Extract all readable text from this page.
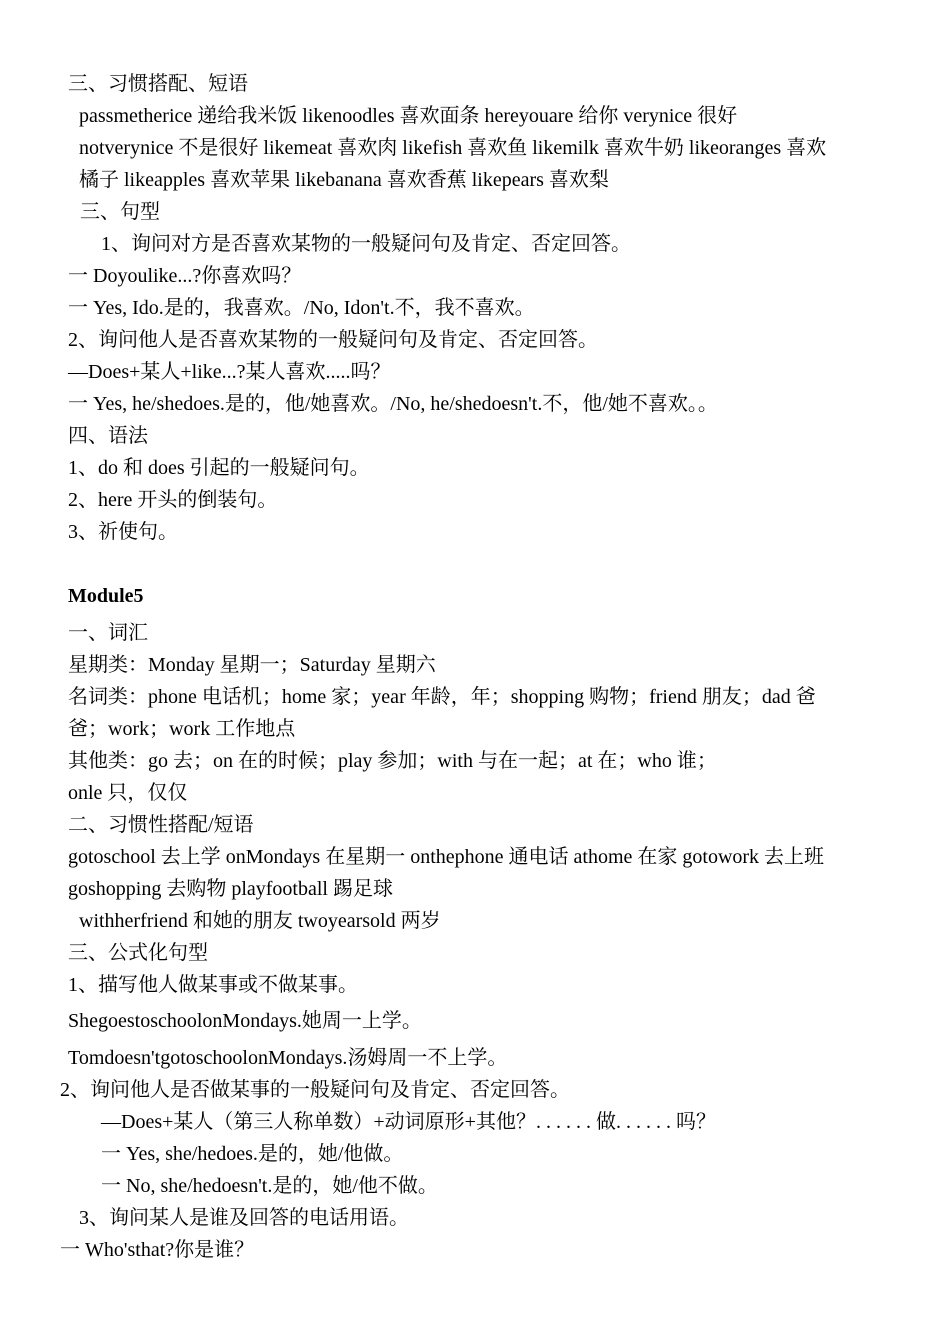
三、习惯搭配、短语
passmetherice 递给我米饭 likenoodles 喜欢面条 hereyouare 给你 verynice 很好
notverynice 不是很好 likemeat 喜欢肉 likefish 喜欢鱼 likemilk 喜欢牛奶 likeoranges 喜欢
橘子 likeapples 喜欢苹果 likebanana 喜欢香蕉 likepears 喜欢梨
三、句型
1、询问对方是否喜欢某物的一般疑问句及肯定、否定回答。
一 Doyoulike...?你喜欢吗？
一 Yes, Ido.是的，我喜欢。/No, Idon't.不，我不喜欢。
2、询问他人是否喜欢某物的一般疑问句及肯定、否定回答。
—Does+某人+like...?某人喜欢.....吗？
一 Yes, he/shedoes.是的，他/她喜欢。/No, he/shedoesn't.不，他/她不喜欢。。
四、语法
1、do 和 does 引起的一般疑问句。
2、here 开头的倒装句。
3、祈使句。
Module5
一、词汇
星期类：Monday 星期一；Saturday 星期六
名词类：phone 电话机；home 家；year 年龄，年；shopping 购物；friend 朋友；dad 爸
爸；work；work 工作地点
其他类：go 去；on 在的时候；play 参加；with 与在一起；at 在；who 谁；
onle 只，仅仅
二、习惯性搭配/短语
gotoschool 去上学 onMondays 在星期一 onthephone 通电话 athome 在家 gotowork 去上班
goshopping 去购物 playfootball 踢足球
withherfriend 和她的朋友 twoyearsold 两岁
三、公式化句型
1、描写他人做某事或不做某事。
ShegoestoschoolonMondays.她周一上学。
Tomdoesn'tgotoschoolonMondays.汤姆周一不上学。
2、询问他人是否做某事的一般疑问句及肯定、否定回答。
—Does+某人（第三人称单数）+动词原形+其他？. . . . . . 做. . . . . . 吗？
一 Yes, she/hedoes.是的，她/他做。
一 No, she/hedoesn't.是的，她/他不做。
3、询问某人是谁及回答的电话用语。
一 Who'sthat?你是谁？
